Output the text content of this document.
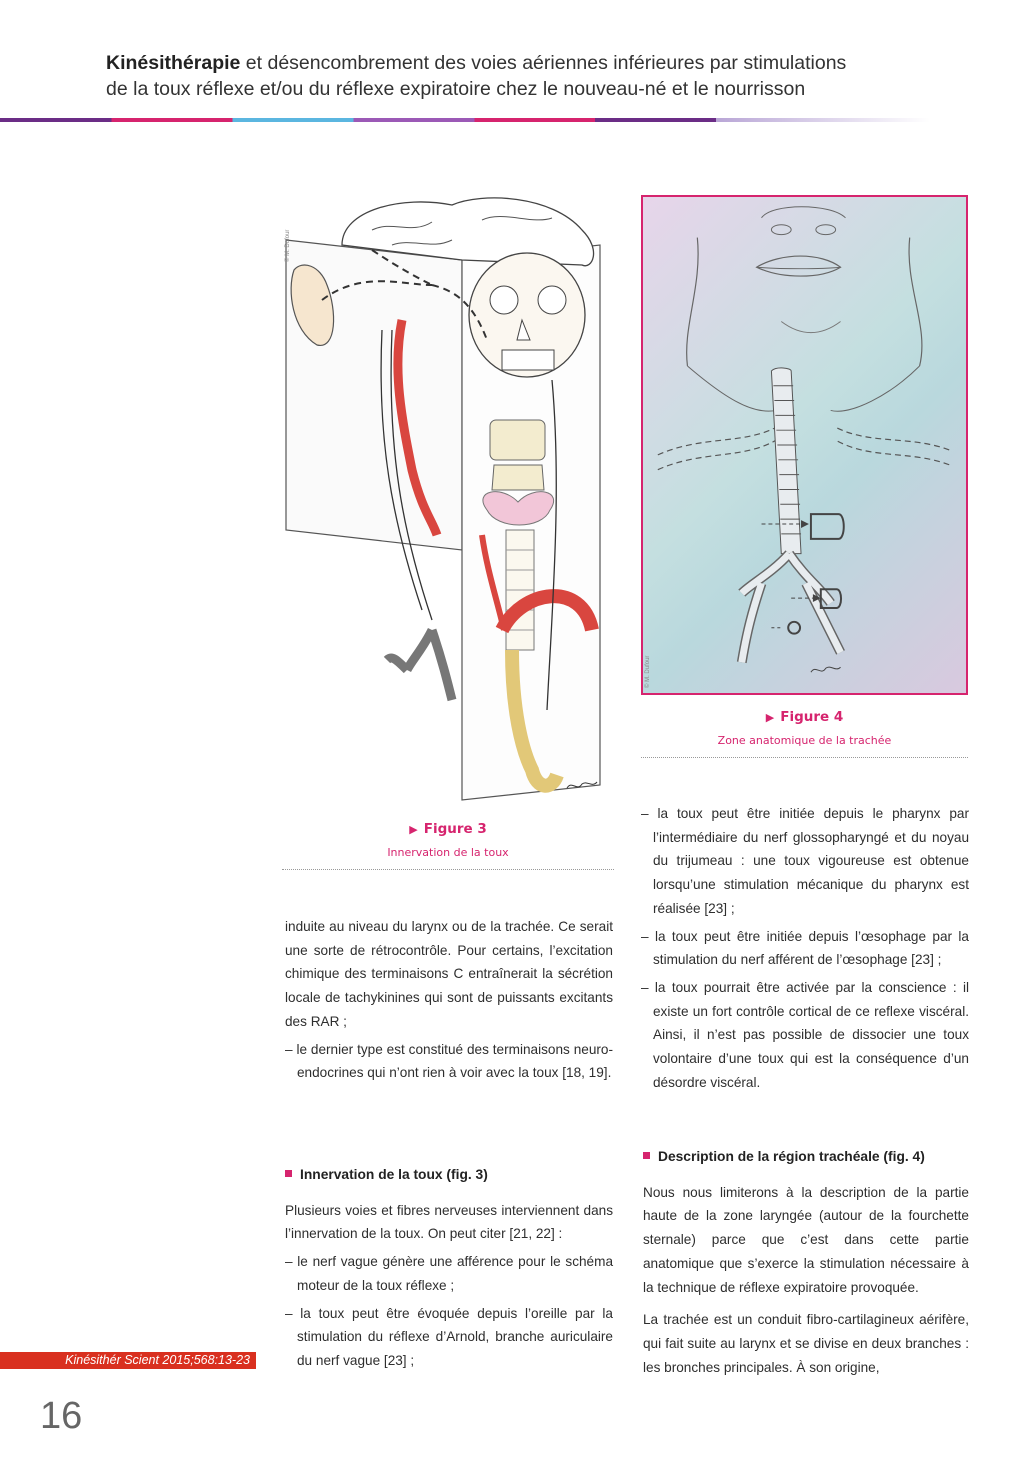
Kinésithérapie et désencombrement des voies aériennes inférieures par stimulations
de la toux réflexe et/ou du réflexe expiratoire chez le nouveau-né et le nourrisson
© M. Dufour
▶ Figure 3
Innervation de la toux
© M. Dufour
▶ Figure 4
Zone anatomique de la trachée

induite au niveau du larynx ou de la trachée. Ce serait une sorte de rétrocontrôle. Pour certains, l’excitation chimique des terminaisons C entraînerait la sécrétion locale de tachykinines qui sont de puissants excitants des RAR ;

– le dernier type est constitué des terminaisons neuro-endocrines qui n’ont rien à voir avec la toux [18, 19].

Innervation de la toux (fig. 3)

Plusieurs voies et fibres nerveuses interviennent dans l’innervation de la toux. On peut citer [21, 22] :

– le nerf vague génère une afférence pour le schéma moteur de la toux réflexe ;

– la toux peut être évoquée depuis l’oreille par la stimulation du réflexe d’Arnold, branche auriculaire du nerf vague [23] ;

– la toux peut être initiée depuis le pharynx par l’intermédiaire du nerf glossopharyngé et du noyau du trijumeau : une toux vigoureuse est obtenue lorsqu’une stimulation mécanique du pharynx est réalisée [23] ;

– la toux peut être initiée depuis l’œsophage par la stimulation du nerf afférent de l’œsophage [23] ;

– la toux pourrait être activée par la conscience : il existe un fort contrôle cortical de ce reflexe viscéral. Ainsi, il n’est pas possible de dissocier une toux volontaire d’une toux qui est la conséquence d’un désordre viscéral.

Description de la région trachéale (fig. 4)

Nous nous limiterons à la description de la partie haute de la zone laryngée (autour de la fourchette sternale) parce que c’est dans cette partie anatomique que s’exerce la stimulation nécessaire à la technique de réflexe expiratoire provoquée.

La trachée est un conduit fibro-cartilagineux aérifère, qui fait suite au larynx et se divise en deux branches : les bronches principales. À son origine,

Kinésithér Scient 2015;568:13-23
16
